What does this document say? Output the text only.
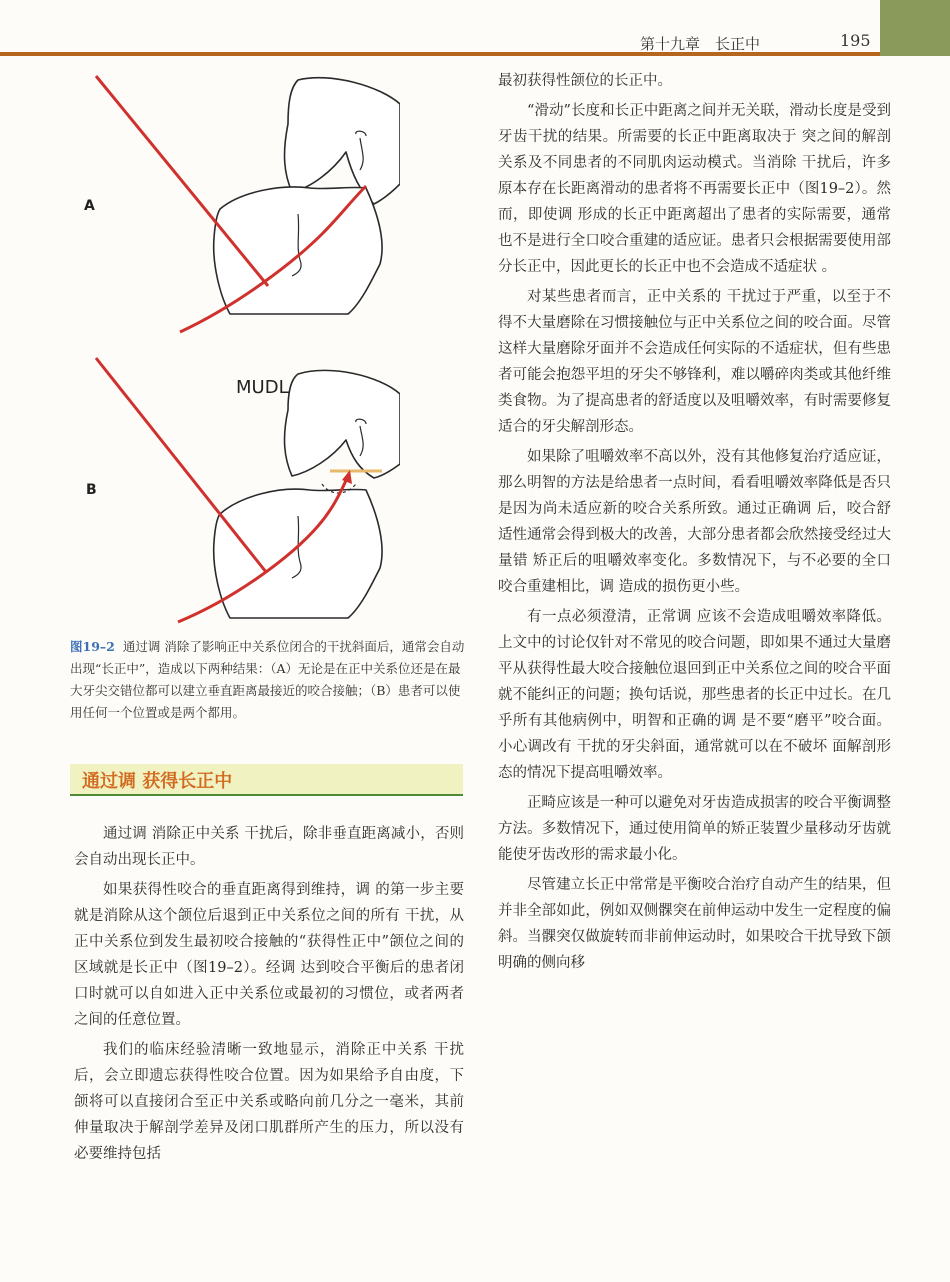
第十九章　长正中	195
A
B
MUDL
图19–2 通过调 消除了影响正中关系位闭合的干扰斜面后，通常会自动出现“长正中”，造成以下两种结果：（A）无论是在正中关系位还是在最大牙尖交错位都可以建立垂直距离最接近的咬合接触；（B）患者可以使用任何一个位置或是两个都用。
通过调 获得长正中

通过调 消除正中关系 干扰后，除非垂直距离减小，否则会自动出现长正中。

如果获得性咬合的垂直距离得到维持，调 的第一步主要就是消除从这个颌位后退到正中关系位之间的所有 干扰，从正中关系位到发生最初咬合接触的“获得性正中”颌位之间的区域就是长正中（图19–2）。经调 达到咬合平衡后的患者闭口时就可以自如进入正中关系位或最初的习惯位，或者两者之间的任意位置。

我们的临床经验清晰一致地显示，消除正中关系 干扰后，会立即遗忘获得性咬合位置。因为如果给予自由度，下颌将可以直接闭合至正中关系或略向前几分之一毫米，其前伸量取决于解剖学差异及闭口肌群所产生的压力，所以没有必要维持包括

最初获得性颌位的长正中。

“滑动”长度和长正中距离之间并无关联，滑动长度是受到牙齿干扰的结果。所需要的长正中距离取决于 突之间的解剖关系及不同患者的不同肌肉运动模式。当消除 干扰后，许多原本存在长距离滑动的患者将不再需要长正中（图19–2）。然而，即使调 形成的长正中距离超出了患者的实际需要，通常也不是进行全口咬合重建的适应证。患者只会根据需要使用部分长正中，因此更长的长正中也不会造成不适症状 。

对某些患者而言，正中关系的 干扰过于严重，以至于不得不大量磨除在习惯接触位与正中关系位之间的咬合面。尽管这样大量磨除牙面并不会造成任何实际的不适症状，但有些患者可能会抱怨平坦的牙尖不够锋利，难以嚼碎肉类或其他纤维类食物。为了提高患者的舒适度以及咀嚼效率，有时需要修复适合的牙尖解剖形态。

如果除了咀嚼效率不高以外，没有其他修复治疗适应证，那么明智的方法是给患者一点时间，看看咀嚼效率降低是否只是因为尚未适应新的咬合关系所致。通过正确调 后，咬合舒适性通常会得到极大的改善，大部分患者都会欣然接受经过大量错 矫正后的咀嚼效率变化。多数情况下，与不必要的全口咬合重建相比，调 造成的损伤更小些。

有一点必须澄清，正常调 应该不会造成咀嚼效率降低。上文中的讨论仅针对不常见的咬合问题，即如果不通过大量磨平从获得性最大咬合接触位退回到正中关系位之间的咬合平面就不能纠正的问题；换句话说，那些患者的长正中过长。在几乎所有其他病例中，明智和正确的调 是不要“磨平”咬合面。小心调改有 干扰的牙尖斜面，通常就可以在不破坏 面解剖形态的情况下提高咀嚼效率。

正畸应该是一种可以避免对牙齿造成损害的咬合平衡调整方法。多数情况下，通过使用简单的矫正装置少量移动牙齿就能使牙齿改形的需求最小化。

尽管建立长正中常常是平衡咬合治疗自动产生的结果，但并非全部如此，例如双侧髁突在前伸运动中发生一定程度的偏斜。当髁突仅做旋转而非前伸运动时，如果咬合干扰导致下颌明确的侧向移
